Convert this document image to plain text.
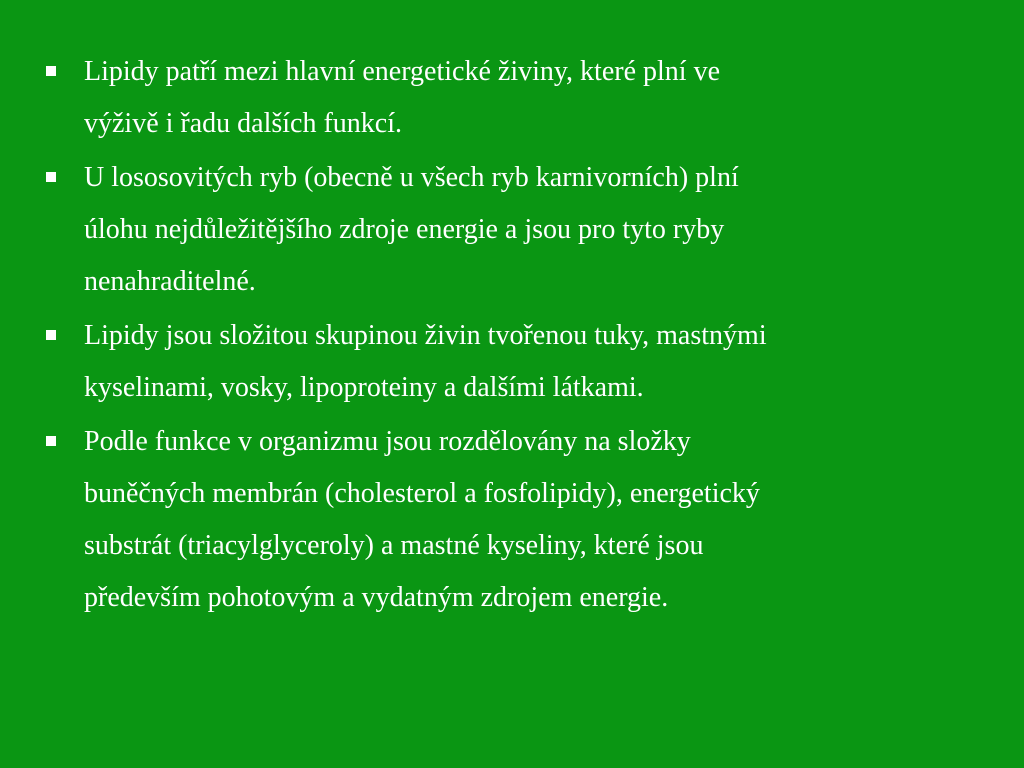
Lipidy patří mezi hlavní energetické živiny, které plní ve
výživě i řadu dalších funkcí.
U lososovitých ryb (obecně u všech ryb karnivorních) plní
úlohu nejdůležitějšího zdroje energie a jsou pro tyto ryby
nenahraditelné.
Lipidy jsou složitou skupinou živin tvořenou tuky, mastnými
kyselinami, vosky, lipoproteiny a dalšími látkami.
Podle funkce v organizmu jsou rozdělovány na složky
buněčných membrán (cholesterol a fosfolipidy), energetický
substrát (triacylglyceroly) a mastné kyseliny, které jsou
především pohotovým a vydatným zdrojem energie.
